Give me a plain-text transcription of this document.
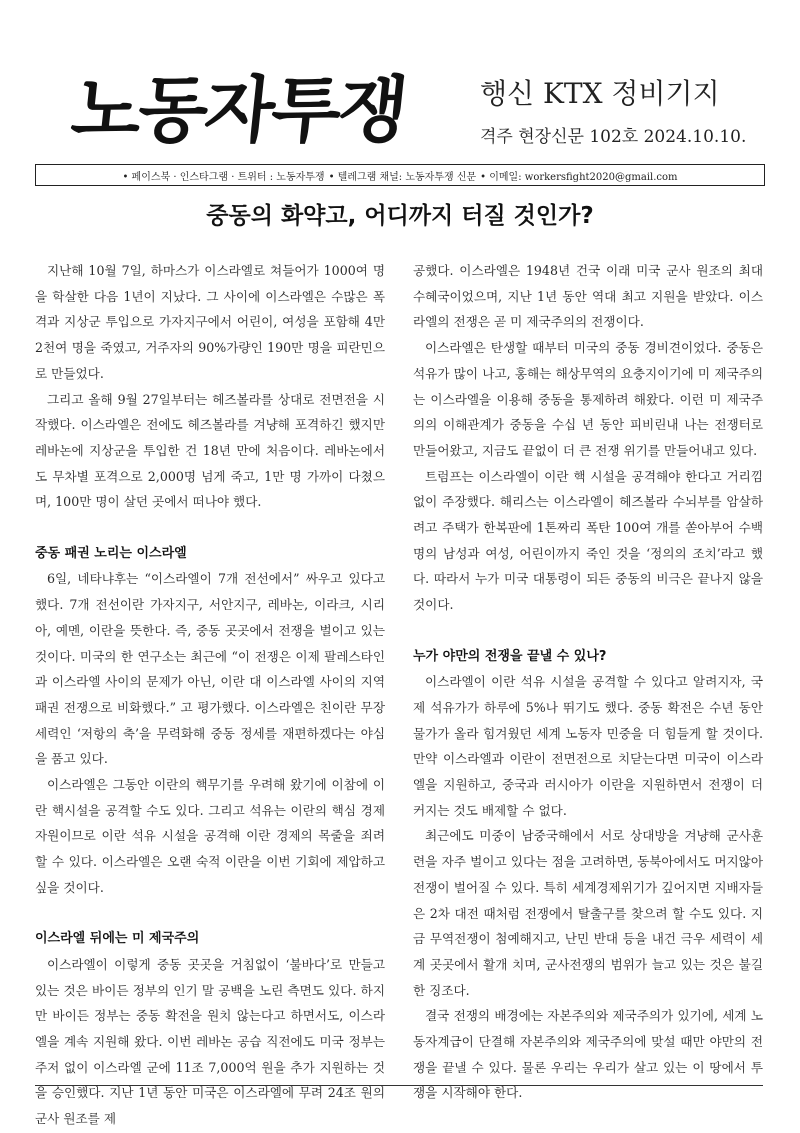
노동자투쟁	행신 KTX 정비기지
격주 현장신문 102호 2024.10.10.
• 페이스북 · 인스타그램 · 트위터 : 노동자투쟁 • 텔레그램 채널: 노동자투쟁 신문 • 이메일: workersfight2020@gmail.com
중동의 화약고, 어디까지 터질 것인가?

지난해 10월 7일, 하마스가 이스라엘로 쳐들어가 1000여 명을 학살한 다음 1년이 지났다. 그 사이에 이스라엘은 수많은 폭격과 지상군 투입으로 가자지구에서 어린이, 여성을 포함해 4만2천여 명을 죽였고, 거주자의 90%가량인 190만 명을 피란민으로 만들었다.

그리고 올해 9월 27일부터는 헤즈볼라를 상대로 전면전을 시작했다. 이스라엘은 전에도 헤즈볼라를 겨냥해 포격하긴 했지만 레바논에 지상군을 투입한 건 18년 만에 처음이다. 레바논에서도 무차별 포격으로 2,000명 넘게 죽고, 1만 명 가까이 다쳤으며, 100만 명이 살던 곳에서 떠나야 했다.

중동 패권 노리는 이스라엘

6일, 네타냐후는 “이스라엘이 7개 전선에서” 싸우고 있다고 했다. 7개 전선이란 가자지구, 서안지구, 레바논, 이라크, 시리아, 예멘, 이란을 뜻한다. 즉, 중동 곳곳에서 전쟁을 벌이고 있는 것이다. 미국의 한 연구소는 최근에 “이 전쟁은 이제 팔레스타인과 이스라엘 사이의 문제가 아닌, 이란 대 이스라엘 사이의 지역 패권 전쟁으로 비화했다.” 고 평가했다. 이스라엘은 친이란 무장세력인 ‘저항의 축’을 무력화해 중동 정세를 재편하겠다는 야심을 품고 있다.

이스라엘은 그동안 이란의 핵무기를 우려해 왔기에 이참에 이란 핵시설을 공격할 수도 있다. 그리고 석유는 이란의 핵심 경제 자원이므로 이란 석유 시설을 공격해 이란 경제의 목줄을 죄려 할 수 있다. 이스라엘은 오랜 숙적 이란을 이번 기회에 제압하고 싶을 것이다.

이스라엘 뒤에는 미 제국주의

이스라엘이 이렇게 중동 곳곳을 거침없이 ‘불바다’로 만들고 있는 것은 바이든 정부의 인기 말 공백을 노린 측면도 있다. 하지만 바이든 정부는 중동 확전을 원치 않는다고 하면서도, 이스라엘을 계속 지원해 왔다. 이번 레바논 공습 직전에도 미국 정부는 주저 없이 이스라엘 군에 11조 7,000억 원을 추가 지원하는 것을 승인했다. 지난 1년 동안 미국은 이스라엘에 무려 24조 원의 군사 원조를 제

공했다. 이스라엘은 1948년 건국 이래 미국 군사 원조의 최대 수혜국이었으며, 지난 1년 동안 역대 최고 지원을 받았다. 이스라엘의 전쟁은 곧 미 제국주의의 전쟁이다.

이스라엘은 탄생할 때부터 미국의 중동 경비견이었다. 중동은 석유가 많이 나고, 홍해는 해상무역의 요충지이기에 미 제국주의는 이스라엘을 이용해 중동을 통제하려 해왔다. 이런 미 제국주의의 이해관계가 중동을 수십 년 동안 피비린내 나는 전쟁터로 만들어왔고, 지금도 끝없이 더 큰 전쟁 위기를 만들어내고 있다.

트럼프는 이스라엘이 이란 핵 시설을 공격해야 한다고 거리낌 없이 주장했다. 해리스는 이스라엘이 헤즈볼라 수뇌부를 암살하려고 주택가 한복판에 1톤짜리 폭탄 100여 개를 쏟아부어 수백 명의 남성과 여성, 어린이까지 죽인 것을 ‘정의의 조치’라고 했다. 따라서 누가 미국 대통령이 되든 중동의 비극은 끝나지 않을 것이다.

누가 야만의 전쟁을 끝낼 수 있나?

이스라엘이 이란 석유 시설을 공격할 수 있다고 알려지자, 국제 석유가가 하루에 5%나 뛰기도 했다. 중동 확전은 수년 동안 물가가 올라 힘겨웠던 세계 노동자 민중을 더 힘들게 할 것이다. 만약 이스라엘과 이란이 전면전으로 치닫는다면 미국이 이스라엘을 지원하고, 중국과 러시아가 이란을 지원하면서 전쟁이 더 커지는 것도 배제할 수 없다.

최근에도 미중이 남중국해에서 서로 상대방을 겨냥해 군사훈련을 자주 벌이고 있다는 점을 고려하면, 동북아에서도 머지않아 전쟁이 벌어질 수 있다. 특히 세계경제위기가 깊어지면 지배자들은 2차 대전 때처럼 전쟁에서 탈출구를 찾으려 할 수도 있다. 지금 무역전쟁이 첨예해지고, 난민 반대 등을 내건 극우 세력이 세계 곳곳에서 활개 치며, 군사전쟁의 범위가 늘고 있는 것은 불길한 징조다.

결국 전쟁의 배경에는 자본주의와 제국주의가 있기에, 세계 노동자계급이 단결해 자본주의와 제국주의에 맞설 때만 야만의 전쟁을 끝낼 수 있다. 물론 우리는 우리가 살고 있는 이 땅에서 투쟁을 시작해야 한다.
